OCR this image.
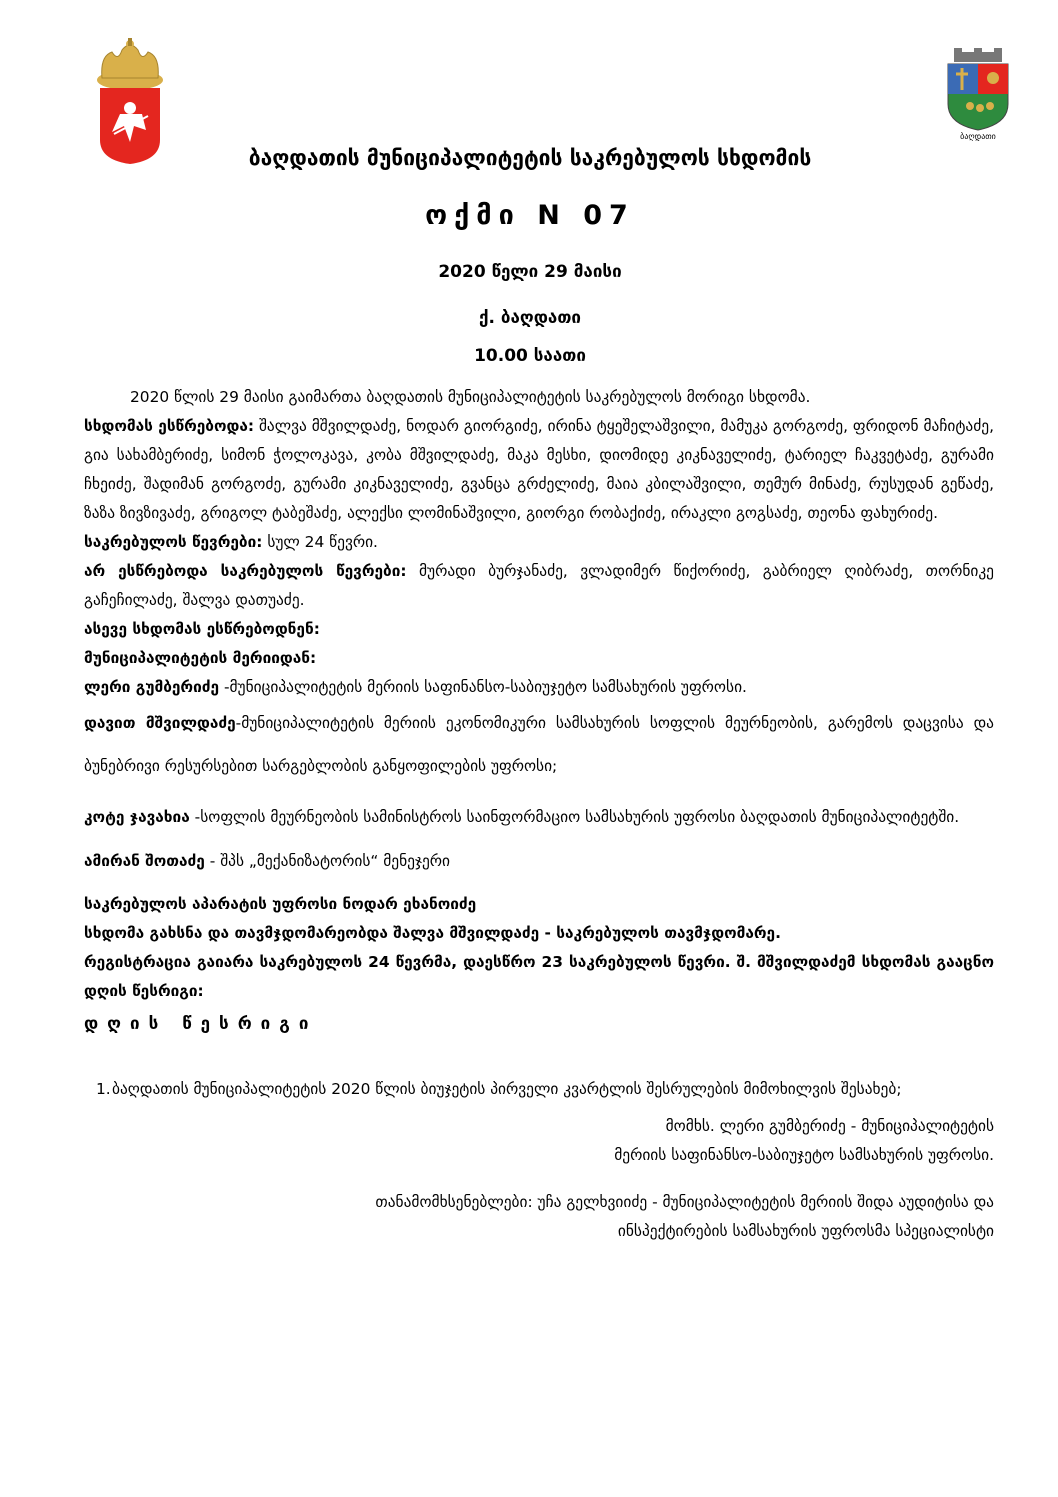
ბაღდათი
ბაღდათის მუნიციპალიტეტის საკრებულოს სხდომის
ოქმი N 07
2020 წელი 29 მაისი
ქ. ბაღდათი
10.00 საათი

2020 წლის 29 მაისი გაიმართა ბაღდათის მუნიციპალიტეტის საკრებულოს მორიგი სხდომა.

სხდომას ესწრებოდა: შალვა მშვილდაძე, ნოდარ გიორგიძე, ირინა ტყეშელაშვილი, მამუკა გორგოძე, ფრიდონ მაჩიტაძე, გია სახამბერიძე, სიმონ ჭოლოკავა, კობა მშვილდაძე, მაკა მესხი, დიომიდე კიკნაველიძე, ტარიელ ჩაკვეტაძე, გურამი ჩხეიძე, შადიმან გორგოძე, გურამი კიკნაველიძე, გვანცა გრძელიძე, მაია კბილაშვილი, თემურ მინაძე, რუსუდან გეწაძე, ზაზა ზივზივაძე, გრიგოლ ტაბეშაძე, ალექსი ლომინაშვილი, გიორგი რობაქიძე, ირაკლი გოგსაძე, თეონა ფახურიძე.

საკრებულოს წევრები: სულ 24 წევრი.

არ ესწრებოდა საკრებულოს წევრები: მურადი ბურჯანაძე, ვლადიმერ წიქორიძე, გაბრიელ ღიბრაძე, თორნიკე გაჩეჩილაძე, შალვა დათუაძე.

ასევე სხდომას ესწრებოდნენ:

მუნიციპალიტეტის მერიიდან:

ლერი გუმბერიძე -მუნიციპალიტეტის მერიის საფინანსო-საბიუჯეტო სამსახურის უფროსი.

დავით მშვილდაძე-მუნიციპალიტეტის მერიის ეკონომიკური სამსახურის სოფლის მეურნეობის, გარემოს დაცვისა და ბუნებრივი რესურსებით სარგებლობის განყოფილების უფროსი;

კოტე ჯავახია -სოფლის მეურნეობის სამინისტროს საინფორმაციო სამსახურის უფროსი ბაღდათის მუნიციპალიტეტში.

ამირან შოთაძე - შპს „მექანიზატორის“ მენეჯერი

საკრებულოს აპარატის უფროსი ნოდარ ეხანოიძე

სხდომა გახსნა და თავმჯდომარეობდა შალვა მშვილდაძე - საკრებულოს თავმჯდომარე.

რეგისტრაცია გაიარა საკრებულოს 24 წევრმა, დაესწრო 23 საკრებულოს წევრი. შ. მშვილდაძემ სხდომას გააცნო დღის წესრიგი:

დღის წესრიგი

1. ბაღდათის მუნიციპალიტეტის 2020 წლის ბიუჯეტის პირველი კვარტლის შესრულების მიმოხილვის შესახებ;

მომხს. ლერი გუმბერიძე - მუნიციპალიტეტის

მერიის საფინანსო-საბიუჯეტო სამსახურის უფროსი.

თანამომხსენებლები: უჩა გელხვიიძე - მუნიციპალიტეტის მერიის შიდა აუდიტისა და

ინსპექტირების სამსახურის უფროსმა სპეციალისტი
